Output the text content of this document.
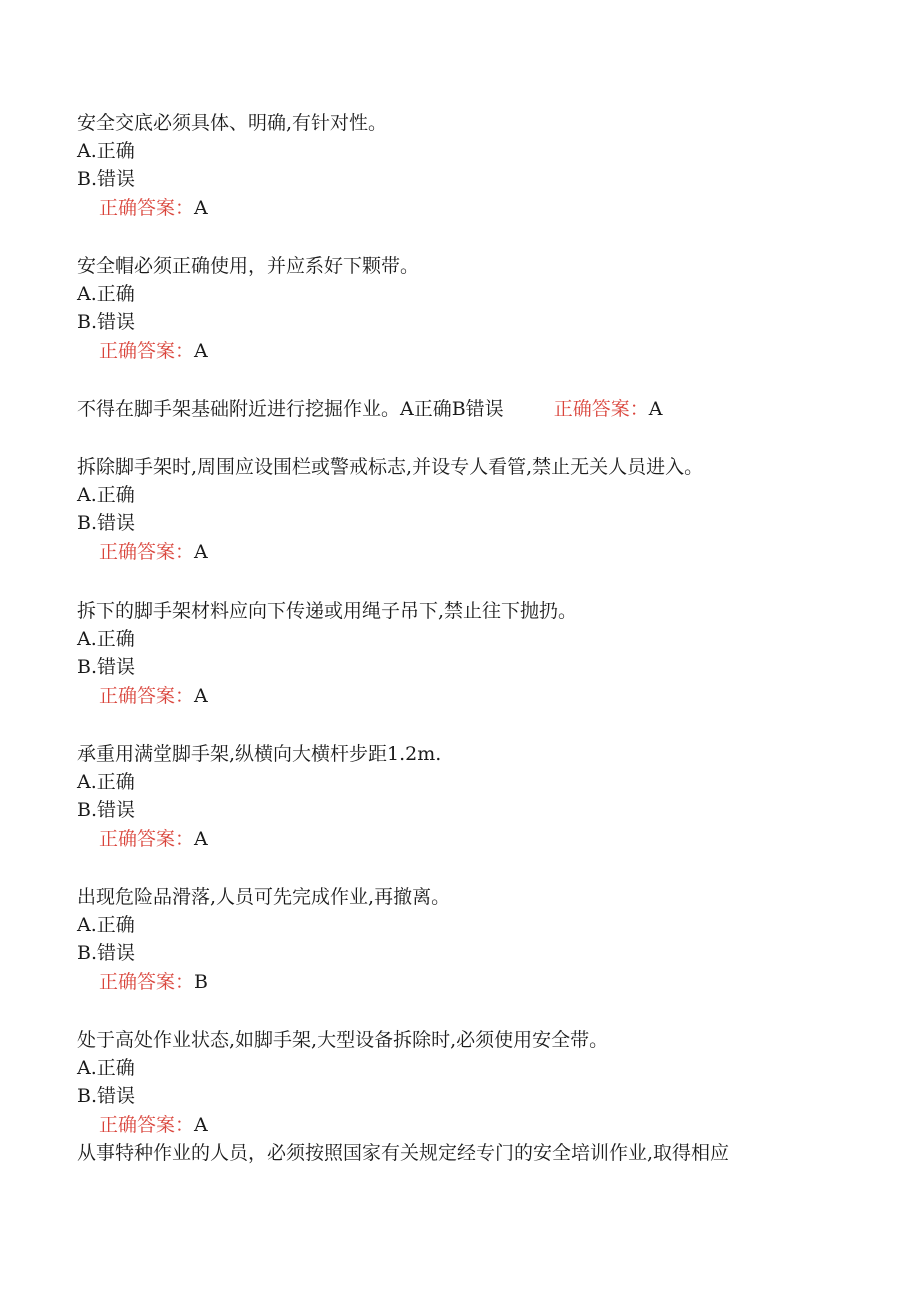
安全交底必须具体、明确,有针对性。
A.正确
B.错误
正确答案：A
安全帽必须正确使用，并应系好下颗带。
A.正确
B.错误
正确答案：A
不得在脚手架基础附近进行挖掘作业。A正确B错误	正确答案：A
拆除脚手架时,周围应设围栏或警戒标志,并设专人看管,禁止无关人员进入。
A.正确
B.错误
正确答案：A
拆下的脚手架材料应向下传递或用绳子吊下,禁止往下抛扔。
A.正确
B.错误
正确答案：A
承重用满堂脚手架,纵横向大横杆步距1.2m.
A.正确
B.错误
正确答案：A
出现危险品滑落,人员可先完成作业,再撤离。
A.正确
B.错误
正确答案：B
处于高处作业状态,如脚手架,大型设备拆除时,必须使用安全带。
A.正确
B.错误
正确答案：A
从事特种作业的人员，必须按照国家有关规定经专门的安全培训作业,取得相应
